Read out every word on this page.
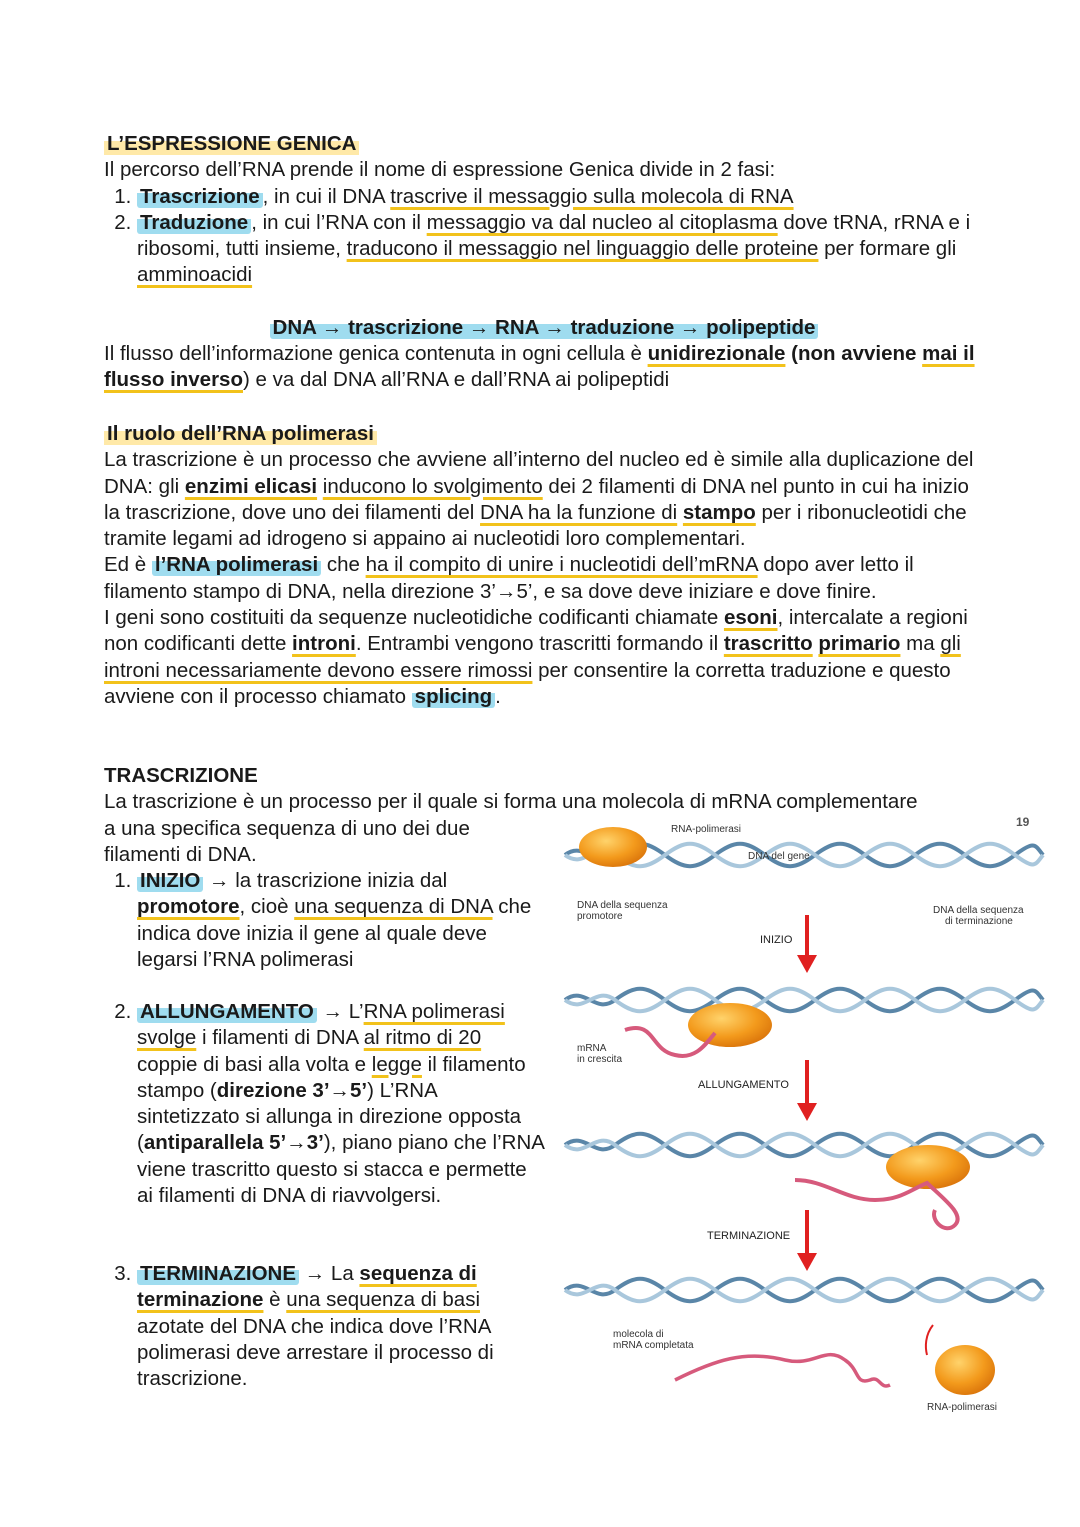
L’ESPRESSIONE GENICA

Il percorso dell’RNA prende il nome di espressione Genica divide in 2 fasi:

1. Trascrizione , in cui il DNA trascrive il messaggio sulla molecola di RNA
2. Traduzione , in cui l’RNA con il messaggio va dal nucleo al citoplasma dove tRNA, rRNA e i ribosomi, tutti insieme, traducono il messaggio nel linguaggio delle proteine per formare gli amminoacidi

DNA → trascrizione → RNA → traduzione → polipeptide

Il flusso dell’informazione genica contenuta in ogni cellula è unidirezionale (non avviene mai il flusso inverso) e va dal DNA all’RNA e dall’RNA ai polipeptidi

Il ruolo dell’RNA polimerasi

La trascrizione è un processo che avviene all’interno del nucleo ed è simile alla duplicazione del DNA: gli enzimi elicasi inducono lo svolgimento dei 2 filamenti di DNA nel punto in cui ha inizio la trascrizione, dove uno dei filamenti del DNA ha la funzione di stampo per i ribonucleotidi che tramite legami ad idrogeno si appaino ai nucleotidi loro complementari.

Ed è l’RNA polimerasi che ha il compito di unire i nucleotidi dell’mRNA dopo aver letto il filamento stampo di DNA, nella direzione 3’→5’, e sa dove deve iniziare e dove finire.

I geni sono costituiti da sequenze nucleotidiche codificanti chiamate esoni, intercalate a regioni non codificanti dette introni. Entrambi vengono trascritti formando il trascritto primario ma gli introni necessariamente devono essere rimossi per consentire la corretta traduzione e questo avviene con il processo chiamato splicing .

TRASCRIZIONE

La trascrizione è un processo per il quale si forma una molecola di mRNA complementare

19

a una specifica sequenza di uno dei due filamenti di DNA.

1. INIZIO → la trascrizione inizia dal promotore, cioè una sequenza di DNA che indica dove inizia il gene al quale deve legarsi l’RNA polimerasi
2. ALLUNGAMENTO → L’RNA polimerasi svolge i filamenti di DNA al ritmo di 20 coppie di basi alla volta e legge il filamento stampo (direzione 3’→5’) L’RNA sintetizzato si allunga in direzione opposta (antiparallela 5’→3’), piano piano che l’RNA viene trascritto questo si stacca e permette ai filamenti di DNA di riavvolgersi.
3. TERMINAZIONE → La sequenza di terminazione è una sequenza di basi azotate del DNA che indica dove l’RNA polimerasi deve arrestare il processo di trascrizione.
RNA-polimerasi
DNA del gene
DNA della sequenza
promotore
DNA della sequenza
di terminazione
INIZIO
mRNA
in crescita
ALLUNGAMENTO
TERMINAZIONE
molecola di
mRNA completata
RNA-polimerasi
